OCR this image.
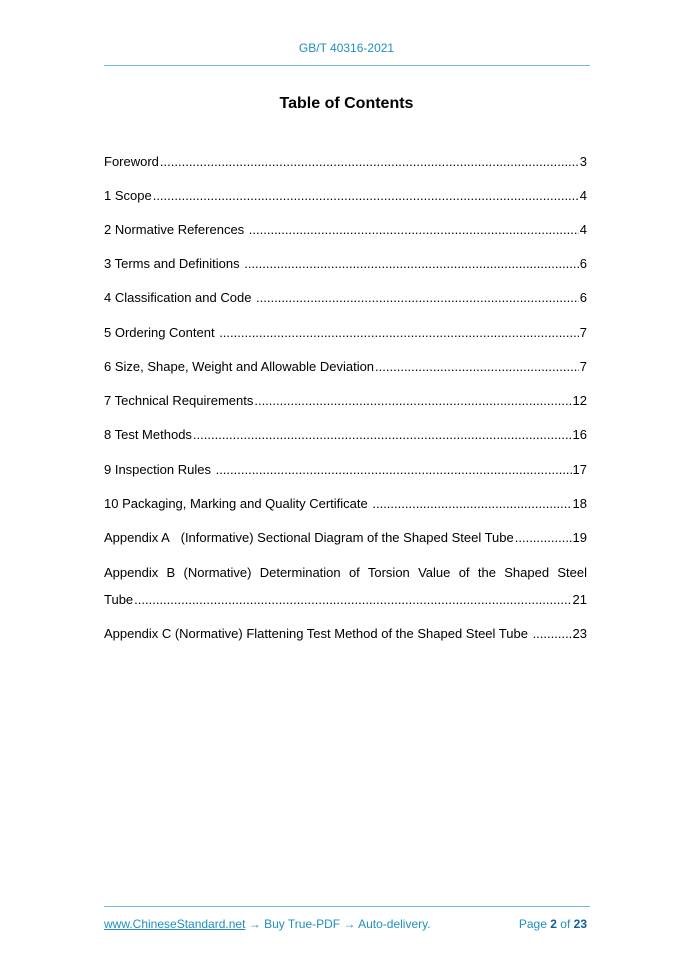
GB/T 40316-2021
Table of Contents
Foreword .....	3
1 Scope .....	4
2 Normative References .....	4
3 Terms and Definitions .....	6
4 Classification and Code .....	6
5 Ordering Content .....	7
6 Size, Shape, Weight and Allowable Deviation .....	7
7 Technical Requirements .....	12
8 Test Methods .....	16
9 Inspection Rules .....	17
10 Packaging, Marking and Quality Certificate .....	18
Appendix A   (Informative) Sectional Diagram of the Shaped Steel Tube .....	19
Appendix B (Normative) Determination of Torsion Value of the Shaped Steel
Tube .....	21
Appendix C (Normative) Flattening Test Method of the Shaped Steel Tube .....	23
www.ChineseStandard.net → Buy True-PDF → Auto-delivery.	Page 2 of 23
